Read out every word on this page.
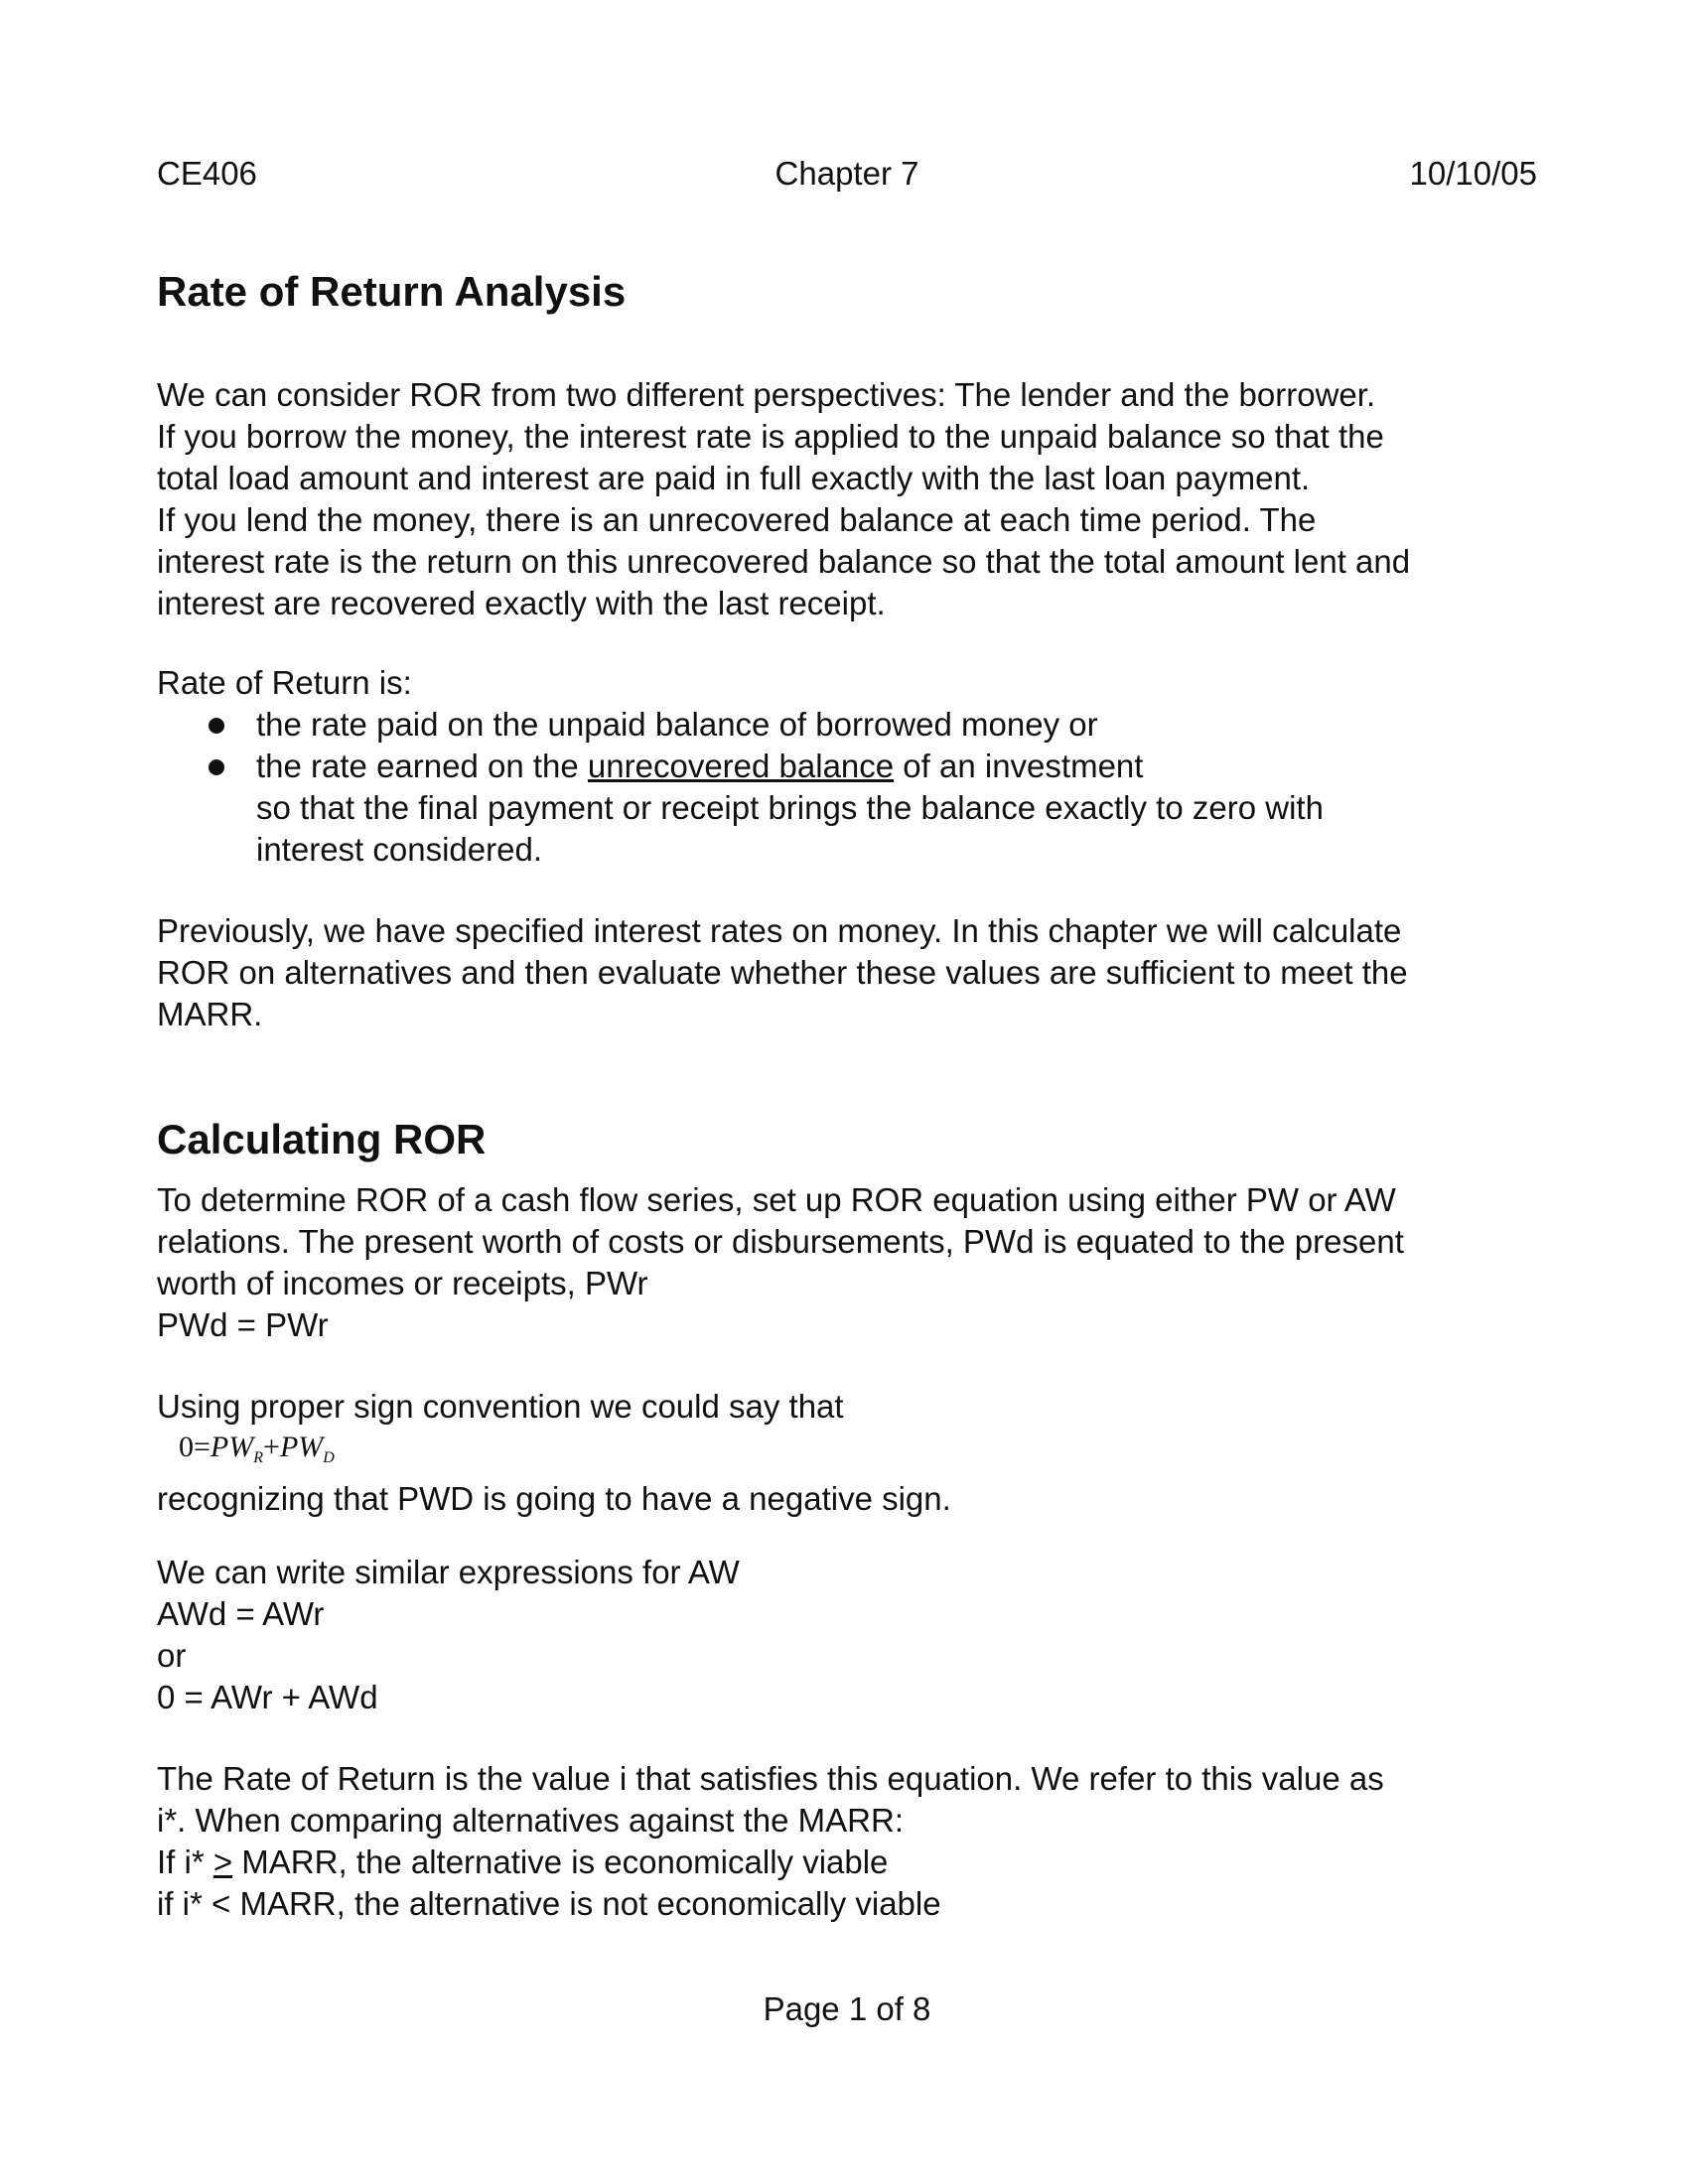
CE406	Chapter 7	10/10/05
Rate of Return Analysis
We can consider ROR from two different perspectives: The lender and the borrower.
If you borrow the money, the interest rate is applied to the unpaid balance so that the
total load amount and interest are paid in full exactly with the last loan payment.
If you lend the money, there is an unrecovered balance at each time period. The
interest rate is the return on this unrecovered balance so that the total amount lent and
interest are recovered exactly with the last receipt.
Rate of Return is:
the rate paid on the unpaid balance of borrowed money or
the rate earned on the unrecovered balance of an investment
so that the final payment or receipt brings the balance exactly to zero with
interest considered.
Previously, we have specified interest rates on money. In this chapter we will calculate
ROR on alternatives and then evaluate whether these values are sufficient to meet the
MARR.
Calculating ROR
To determine ROR of a cash flow series, set up ROR equation using either PW or AW
relations. The present worth of costs or disbursements, PWd is equated to the present
worth of incomes or receipts, PWr
PWd = PWr
Using proper sign convention we could say that
$0=PW_R+PW_D$
recognizing that PWD is going to have a negative sign.
We can write similar expressions for AW
AWd = AWr
or
0 = AWr + AWd
The Rate of Return is the value i that satisfies this equation. We refer to this value as
i*. When comparing alternatives against the MARR:
If i* > MARR, the alternative is economically viable
if i* < MARR, the alternative is not economically viable
Page 1 of 8
